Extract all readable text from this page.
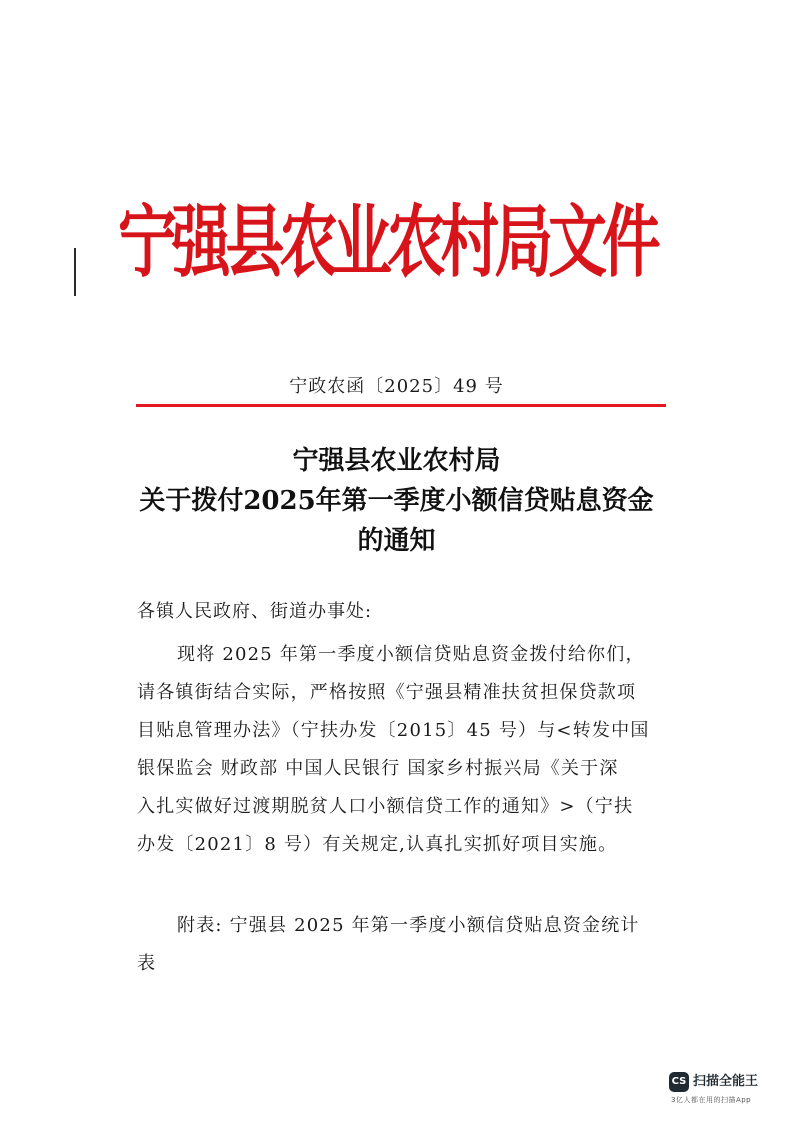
宁强县农业农村局文件
宁政农函〔2025〕49 号
宁强县农业农村局
关于拨付2025年第一季度小额信贷贴息资金
的通知
各镇人民政府、街道办事处:
现将 2025 年第一季度小额信贷贴息资金拨付给你们，
请各镇街结合实际，严格按照《宁强县精准扶贫担保贷款项
目贴息管理办法》（宁扶办发〔2015〕45 号）与<转发中国
银保监会 财政部 中国人民银行 国家乡村振兴局《关于深
入扎实做好过渡期脱贫人口小额信贷工作的通知》>（宁扶
办发〔2021〕8 号）有关规定,认真扎实抓好项目实施。
附表: 宁强县 2025 年第一季度小额信贷贴息资金统计
表
CS 扫描全能王
3亿人都在用的扫描App
